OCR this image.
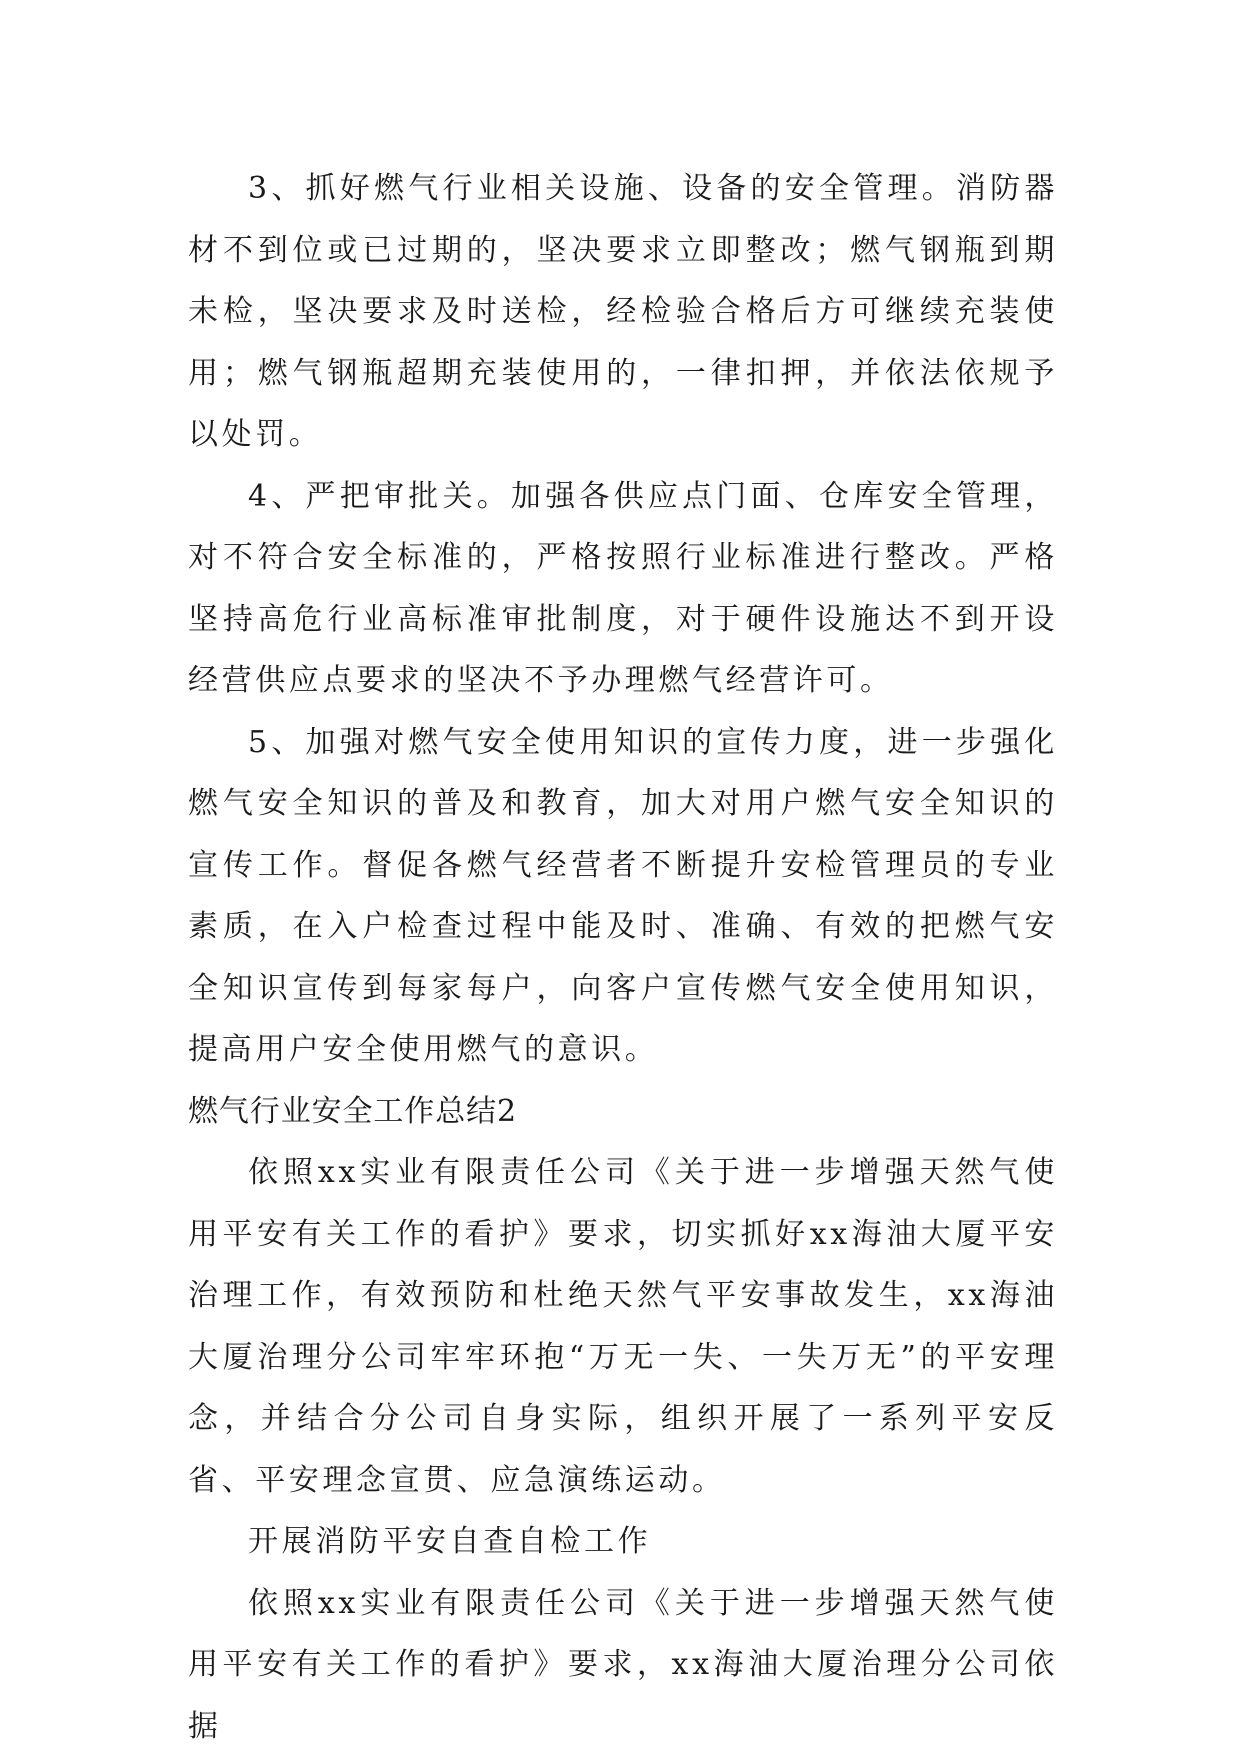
3、抓好燃气行业相关设施、设备的安全管理。消防器材不到位或已过期的，坚决要求立即整改；燃气钢瓶到期未检，坚决要求及时送检，经检验合格后方可继续充装使用；燃气钢瓶超期充装使用的，一律扣押，并依法依规予以处罚。

4、严把审批关。加强各供应点门面、仓库安全管理，对不符合安全标准的，严格按照行业标准进行整改。严格坚持高危行业高标准审批制度，对于硬件设施达不到开设经营供应点要求的坚决不予办理燃气经营许可。

5、加强对燃气安全使用知识的宣传力度，进一步强化燃气安全知识的普及和教育，加大对用户燃气安全知识的宣传工作。督促各燃气经营者不断提升安检管理员的专业素质，在入户检查过程中能及时、准确、有效的把燃气安全知识宣传到每家每户，向客户宣传燃气安全使用知识，提高用户安全使用燃气的意识。

燃气行业安全工作总结2

依照xx实业有限责任公司《关于进一步增强天然气使用平安有关工作的看护》要求，切实抓好xx海油大厦平安治理工作，有效预防和杜绝天然气平安事故发生，xx海油大厦治理分公司牢牢环抱“万无一失、一失万无”的平安理念，并结合分公司自身实际，组织开展了一系列平安反省、平安理念宣贯、应急演练运动。

开展消防平安自查自检工作

依照xx实业有限责任公司《关于进一步增强天然气使用平安有关工作的看护》要求，xx海油大厦治理分公司依据
